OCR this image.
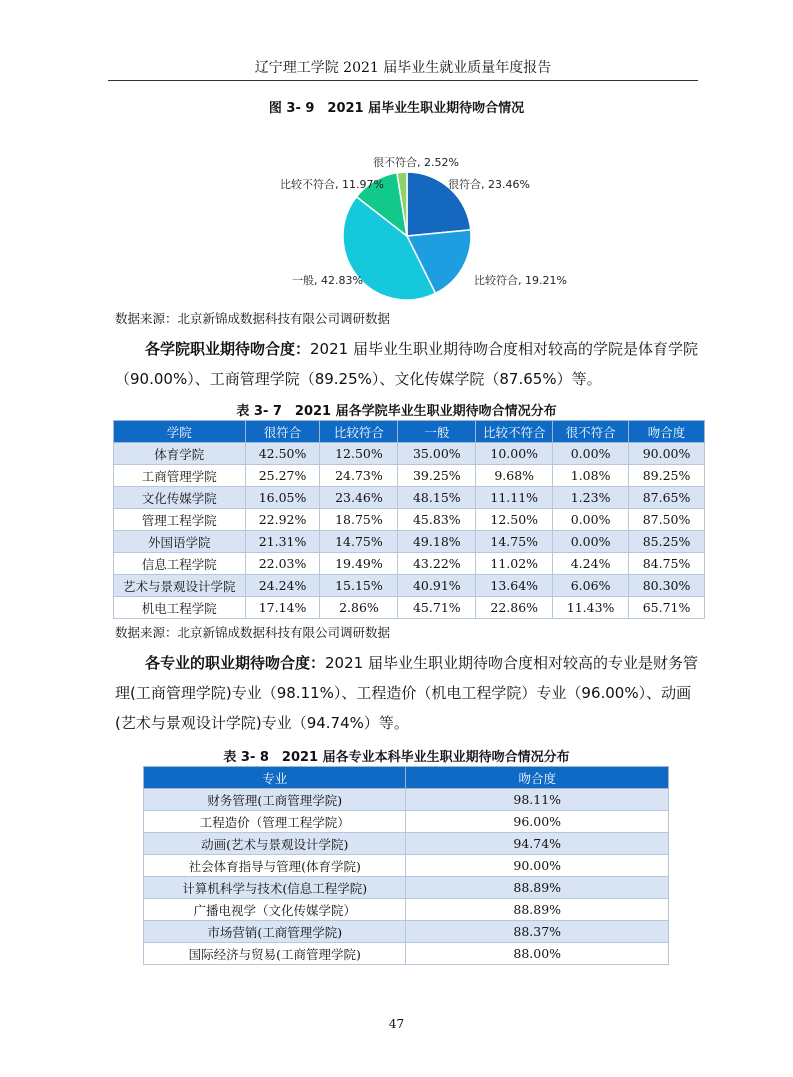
辽宁理工学院 2021 届毕业生就业质量年度报告
图 3- 9　2021 届毕业生职业期待吻合情况
很符合, 23.46%
比较符合, 19.21%
一般, 42.83%
比较不符合, 11.97%
很不符合, 2.52%
数据来源：北京新锦成数据科技有限公司调研数据

各学院职业期待吻合度：2021 届毕业生职业期待吻合度相对较高的学院是体育学院（90.00%）、工商管理学院（89.25%）、文化传媒学院（87.65%）等。

表 3- 7　2021 届各学院毕业生职业期待吻合情况分布
学院	很符合	比较符合	一般	比较不符合	很不符合	吻合度
体育学院	42.50%	12.50%	35.00%	10.00%	0.00%	90.00%
工商管理学院	25.27%	24.73%	39.25%	9.68%	1.08%	89.25%
文化传媒学院	16.05%	23.46%	48.15%	11.11%	1.23%	87.65%
管理工程学院	22.92%	18.75%	45.83%	12.50%	0.00%	87.50%
外国语学院	21.31%	14.75%	49.18%	14.75%	0.00%	85.25%
信息工程学院	22.03%	19.49%	43.22%	11.02%	4.24%	84.75%
艺术与景观设计学院	24.24%	15.15%	40.91%	13.64%	6.06%	80.30%
机电工程学院	17.14%	2.86%	45.71%	22.86%	11.43%	65.71%
数据来源：北京新锦成数据科技有限公司调研数据

各专业的职业期待吻合度：2021 届毕业生职业期待吻合度相对较高的专业是财务管理(工商管理学院)专业（98.11%）、工程造价（机电工程学院）专业（96.00%）、动画(艺术与景观设计学院)专业（94.74%）等。

表 3- 8　2021 届各专业本科毕业生职业期待吻合情况分布
专业	吻合度
财务管理(工商管理学院)	98.11%
工程造价（管理工程学院）	96.00%
动画(艺术与景观设计学院)	94.74%
社会体育指导与管理(体育学院)	90.00%
计算机科学与技术(信息工程学院)	88.89%
广播电视学（文化传媒学院）	88.89%
市场营销(工商管理学院)	88.37%
国际经济与贸易(工商管理学院)	88.00%
47
